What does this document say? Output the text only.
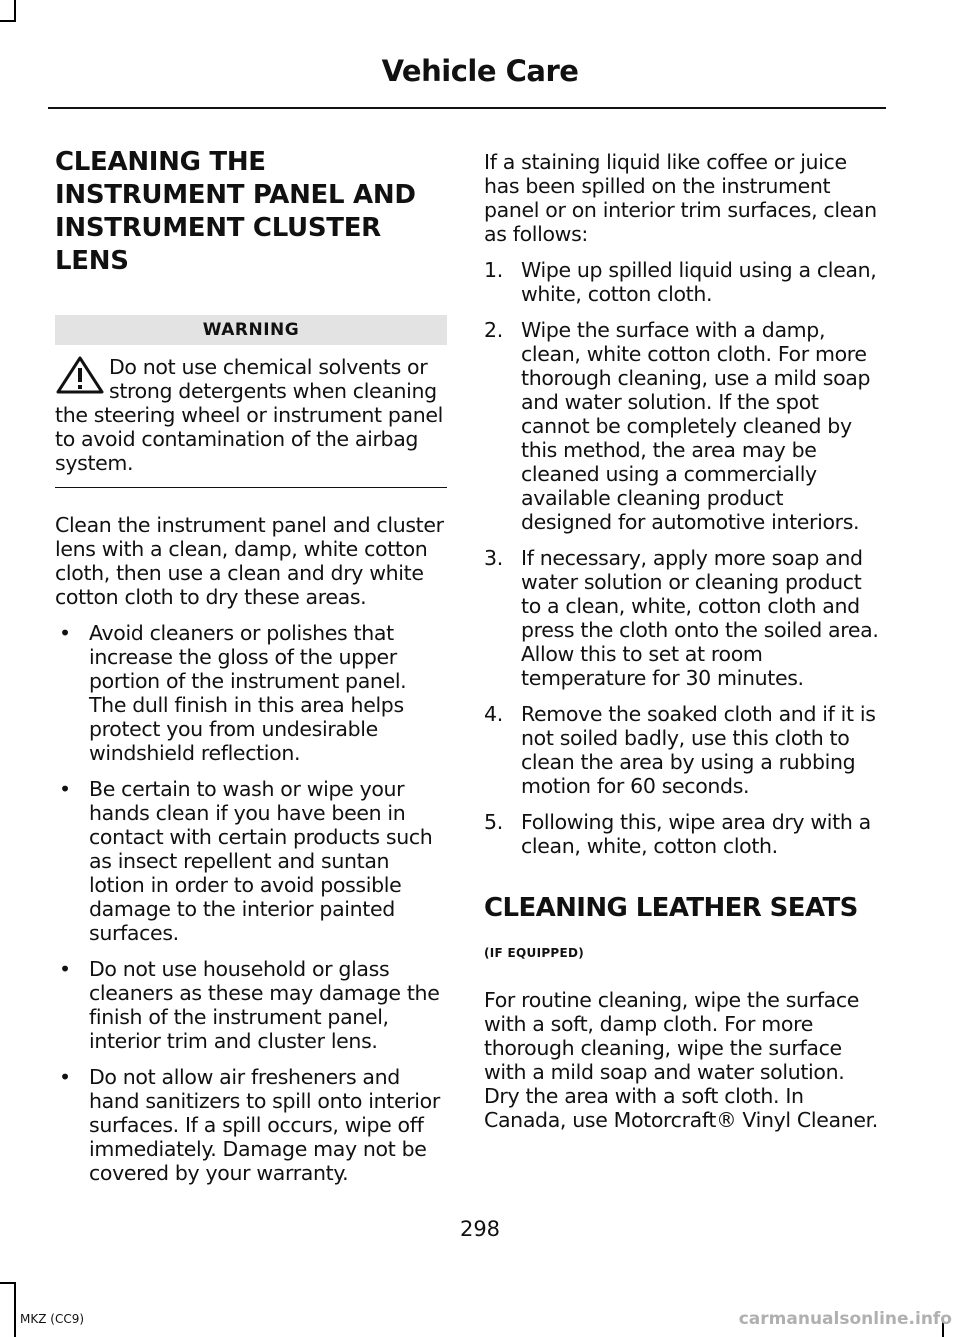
Vehicle Care
CLEANING THE
INSTRUMENT PANEL AND
INSTRUMENT CLUSTER
LENS
WARNING

Do not use chemical solvents or strong detergents when cleaning the steering wheel or instrument panel to avoid contamination of the airbag system.

Clean the instrument panel and cluster lens with a clean, damp, white cotton cloth, then use a clean and dry white cotton cloth to dry these areas.

• Avoid cleaners or polishes that increase the gloss of the upper portion of the instrument panel. The dull finish in this area helps protect you from undesirable windshield reflection.
• Be certain to wash or wipe your hands clean if you have been in contact with certain products such as insect repellent and suntan lotion in order to avoid possible damage to the interior painted surfaces.
• Do not use household or glass cleaners as these may damage the finish of the instrument panel, interior trim and cluster lens.
• Do not allow air fresheners and hand sanitizers to spill onto interior surfaces. If a spill occurs, wipe off immediately. Damage may not be covered by your warranty.

If a staining liquid like coffee or juice has been spilled on the instrument panel or on interior trim surfaces, clean as follows:

1. Wipe up spilled liquid using a clean, white, cotton cloth.
2. Wipe the surface with a damp, clean, white cotton cloth. For more thorough cleaning, use a mild soap and water solution. If the spot cannot be completely cleaned by this method, the area may be cleaned using a commercially available cleaning product designed for automotive interiors.
3. If necessary, apply more soap and water solution or cleaning product to a clean, white, cotton cloth and press the cloth onto the soiled area. Allow this to set at room temperature for 30 minutes.
4. Remove the soaked cloth and if it is not soiled badly, use this cloth to clean the area by using a rubbing motion for 60 seconds.
5. Following this, wipe area dry with a clean, white, cotton cloth.
CLEANING LEATHER SEATS
(IF EQUIPPED)

For routine cleaning, wipe the surface with a soft, damp cloth. For more thorough cleaning, wipe the surface with a mild soap and water solution. Dry the area with a soft cloth. In Canada, use Motorcraft® Vinyl Cleaner.

298
MKZ (CC9)	carmanualsonline.info
